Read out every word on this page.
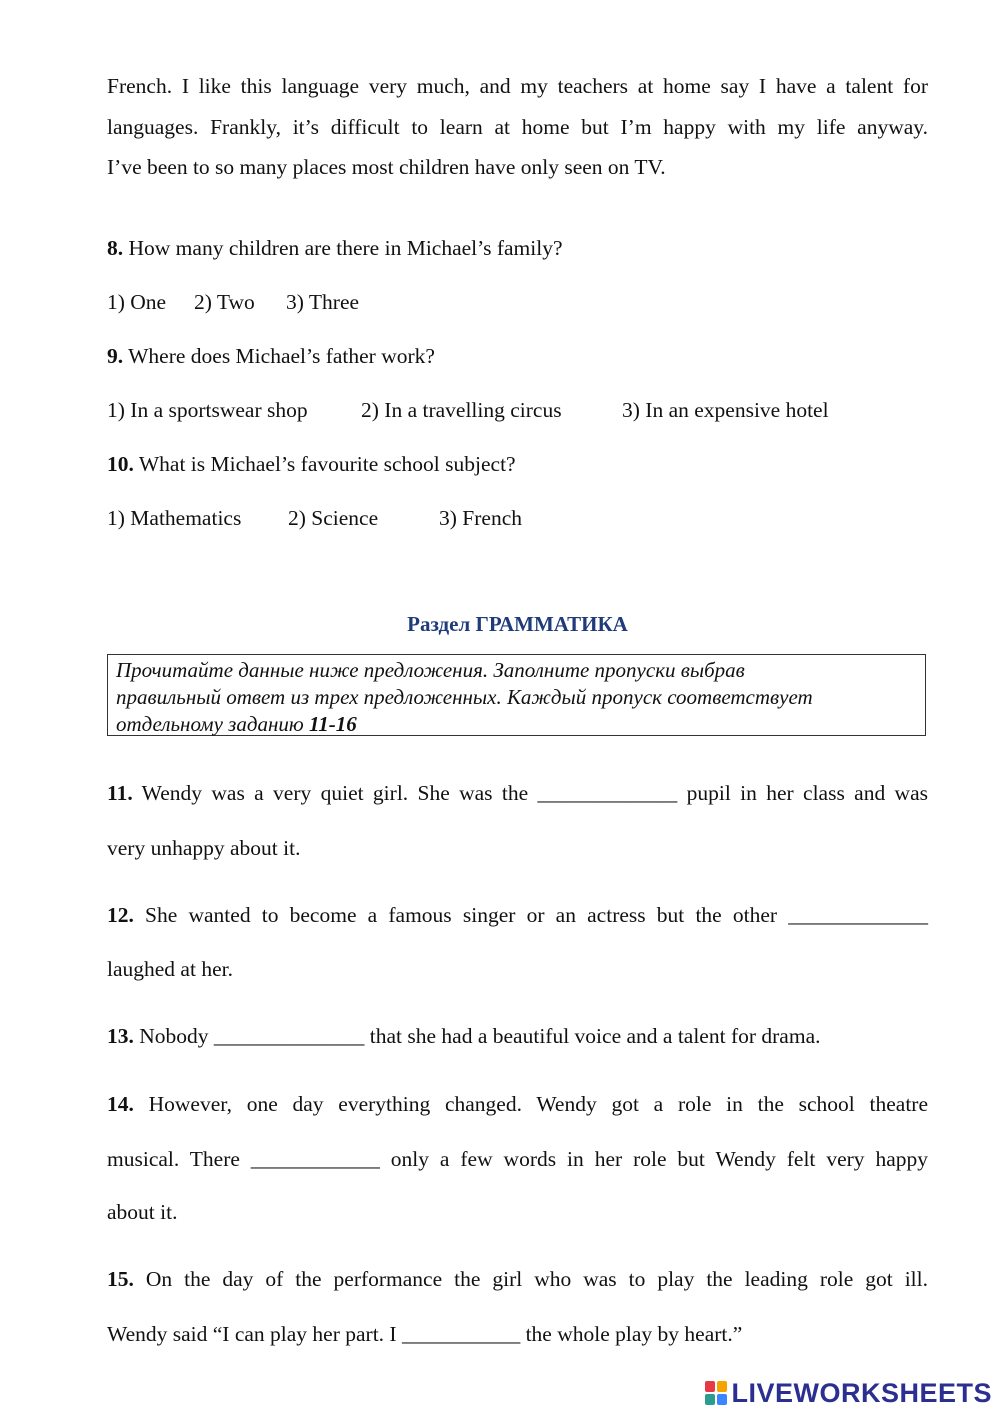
French. I like this language very much, and my teachers at home say I have a talent for
languages. Frankly, it’s difficult to learn at home but I’m happy with my life anyway.
I’ve been to so many places most children have only seen on TV.
8. How many children are there in Michael’s family?
1) One 2) Two 3) Three
9. Where does Michael’s father work?
1) In a sportswear shop 2) In a travelling circus	3) In an expensive hotel
10. What is Michael’s favourite school subject?
1) Mathematics 2) Science	3) French
Раздел ГРАММАТИКА
Прочитайте данные ниже предложения. Заполните пропуски выбрав
правильный ответ из трех предложенных. Каждый пропуск соответствует
отдельному заданию 11-16
11. Wendy was a very quiet girl. She was the _____________ pupil in her class and was
very unhappy about it.
12. She wanted to become a famous singer or an actress but the other _____________
laughed at her.
13. Nobody ______________ that she had a beautiful voice and a talent for drama.
14. However, one day everything changed. Wendy got a role in the school theatre
musical. There ____________ only a few words in her role but Wendy felt very happy
about it.
15. On the day of the performance the girl who was to play the leading role got ill.
Wendy said “I can play her part. I ___________ the whole play by heart.”
LIVEWORKSHEETS
